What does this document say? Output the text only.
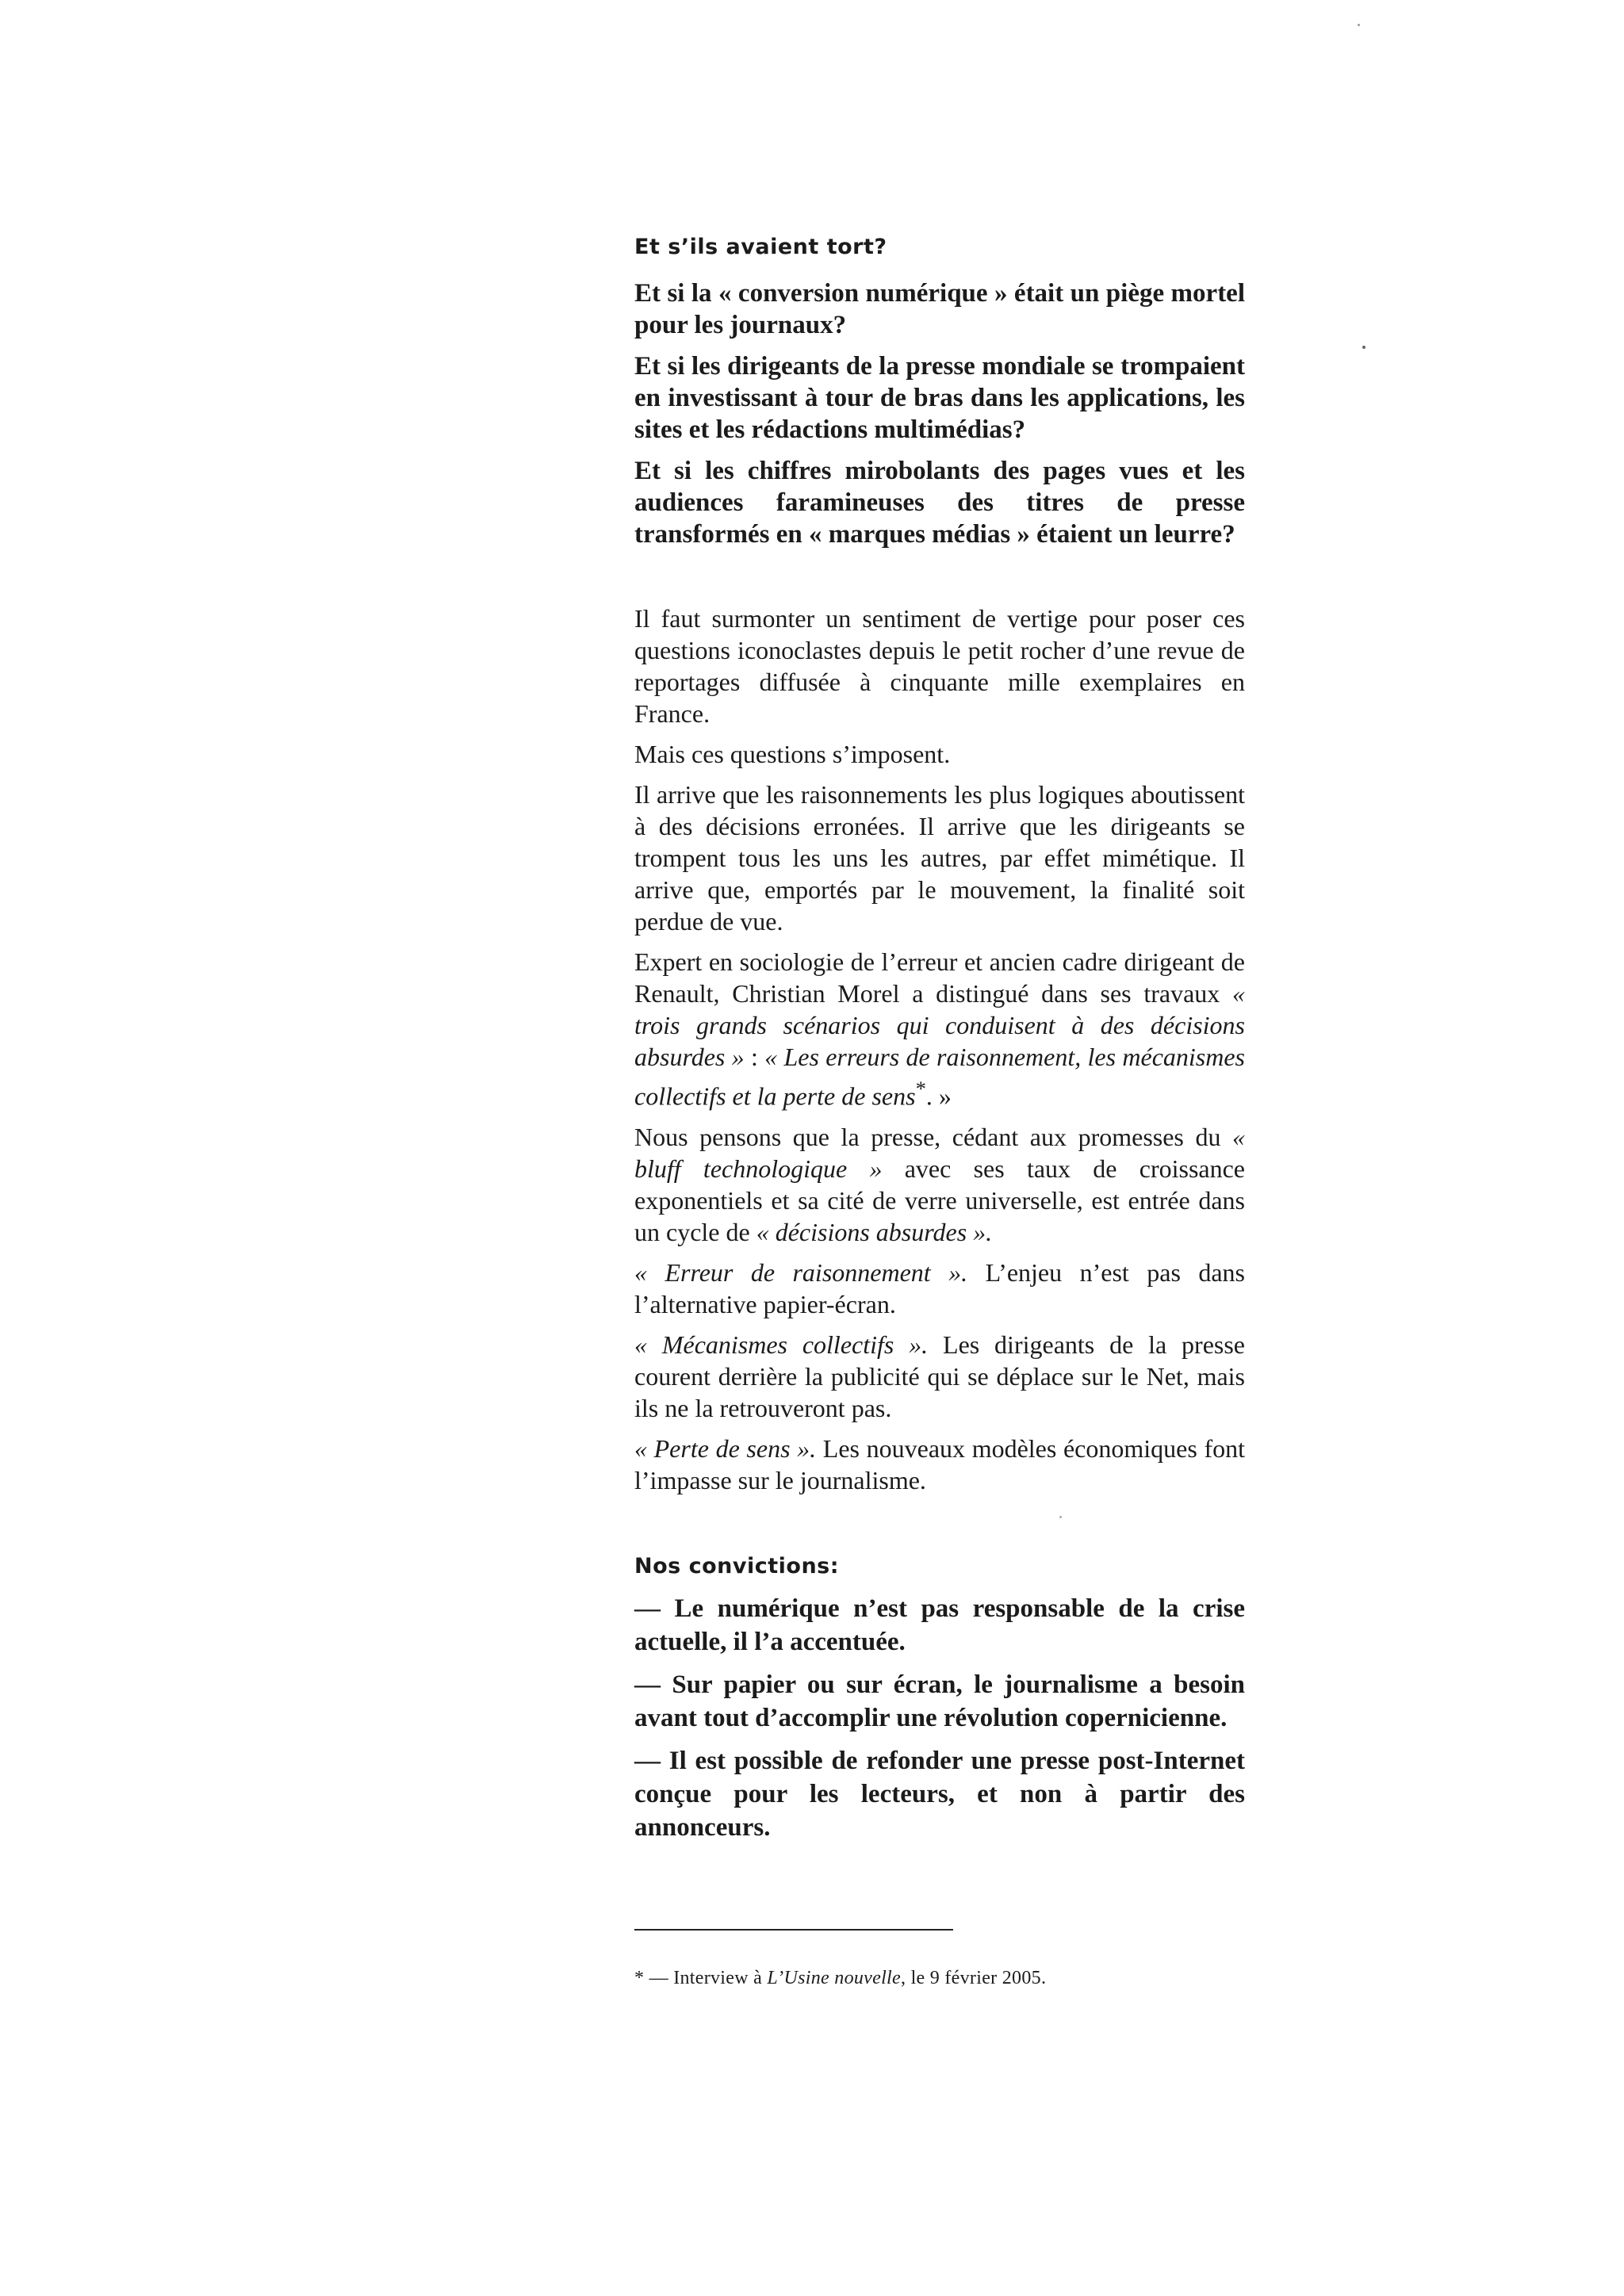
Et s’ils avaient tort?

Et si la « conversion numérique » était un piège mortel pour les journaux?

Et si les dirigeants de la presse mondiale se trompaient en investissant à tour de bras dans les applications, les sites et les rédactions multimédias?

Et si les chiffres mirobolants des pages vues et les audiences faramineuses des titres de presse transformés en « marques médias » étaient un leurre?

Il faut surmonter un sentiment de vertige pour poser ces questions iconoclastes depuis le petit rocher d’une revue de reportages diffusée à cinquante mille exemplaires en France.

Mais ces questions s’imposent.

Il arrive que les raisonnements les plus logiques aboutissent à des décisions erronées. Il arrive que les dirigeants se trompent tous les uns les autres, par effet mimétique. Il arrive que, emportés par le mouvement, la finalité soit perdue de vue.

Expert en sociologie de l’erreur et ancien cadre dirigeant de Renault, Christian Morel a distingué dans ses travaux « trois grands scénarios qui conduisent à des décisions absurdes » : « Les erreurs de raisonnement, les mécanismes collectifs et la perte de sens*. »

Nous pensons que la presse, cédant aux promesses du « bluff technologique » avec ses taux de croissance exponentiels et sa cité de verre universelle, est entrée dans un cycle de « décisions absurdes ».

« Erreur de raisonnement ». L’enjeu n’est pas dans l’alternative papier-écran.

« Mécanismes collectifs ». Les dirigeants de la presse courent derrière la publicité qui se déplace sur le Net, mais ils ne la retrouveront pas.

« Perte de sens ». Les nouveaux modèles économiques font l’impasse sur le journalisme.

Nos convictions:

— Le numérique n’est pas responsable de la crise actuelle, il l’a accentuée.

— Sur papier ou sur écran, le journalisme a besoin avant tout d’accomplir une révolution copernicienne.

— Il est possible de refonder une presse post-Internet conçue pour les lecteurs, et non à partir des annonceurs.

* — Interview à L’Usine nouvelle, le 9 février 2005.
